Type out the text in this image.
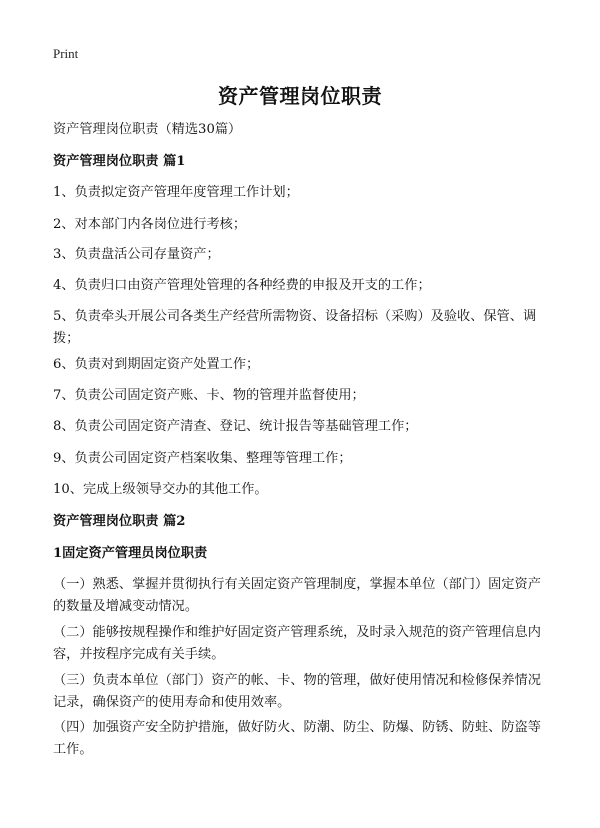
Print
资产管理岗位职责
资产管理岗位职责（精选30篇）
资产管理岗位职责 篇1
1、负责拟定资产管理年度管理工作计划；
2、对本部门内各岗位进行考核；
3、负责盘活公司存量资产；
4、负责归口由资产管理处管理的各种经费的申报及开支的工作；
5、负责牵头开展公司各类生产经营所需物资、设备招标（采购）及验收、保管、调拨；
6、负责对到期固定资产处置工作；
7、负责公司固定资产账、卡、物的管理并监督使用；
8、负责公司固定资产清查、登记、统计报告等基础管理工作；
9、负责公司固定资产档案收集、整理等管理工作；
10、完成上级领导交办的其他工作。
资产管理岗位职责 篇2
1固定资产管理员岗位职责
（一）熟悉、掌握并贯彻执行有关固定资产管理制度，掌握本单位（部门）固定资产的数量及增减变动情况。
（二）能够按规程操作和维护好固定资产管理系统，及时录入规范的资产管理信息内容，并按程序完成有关手续。
（三）负责本单位（部门）资产的帐、卡、物的管理，做好使用情况和检修保养情况记录，确保资产的使用寿命和使用效率。
（四）加强资产安全防护措施，做好防火、防潮、防尘、防爆、防锈、防蛀、防盗等工作。
